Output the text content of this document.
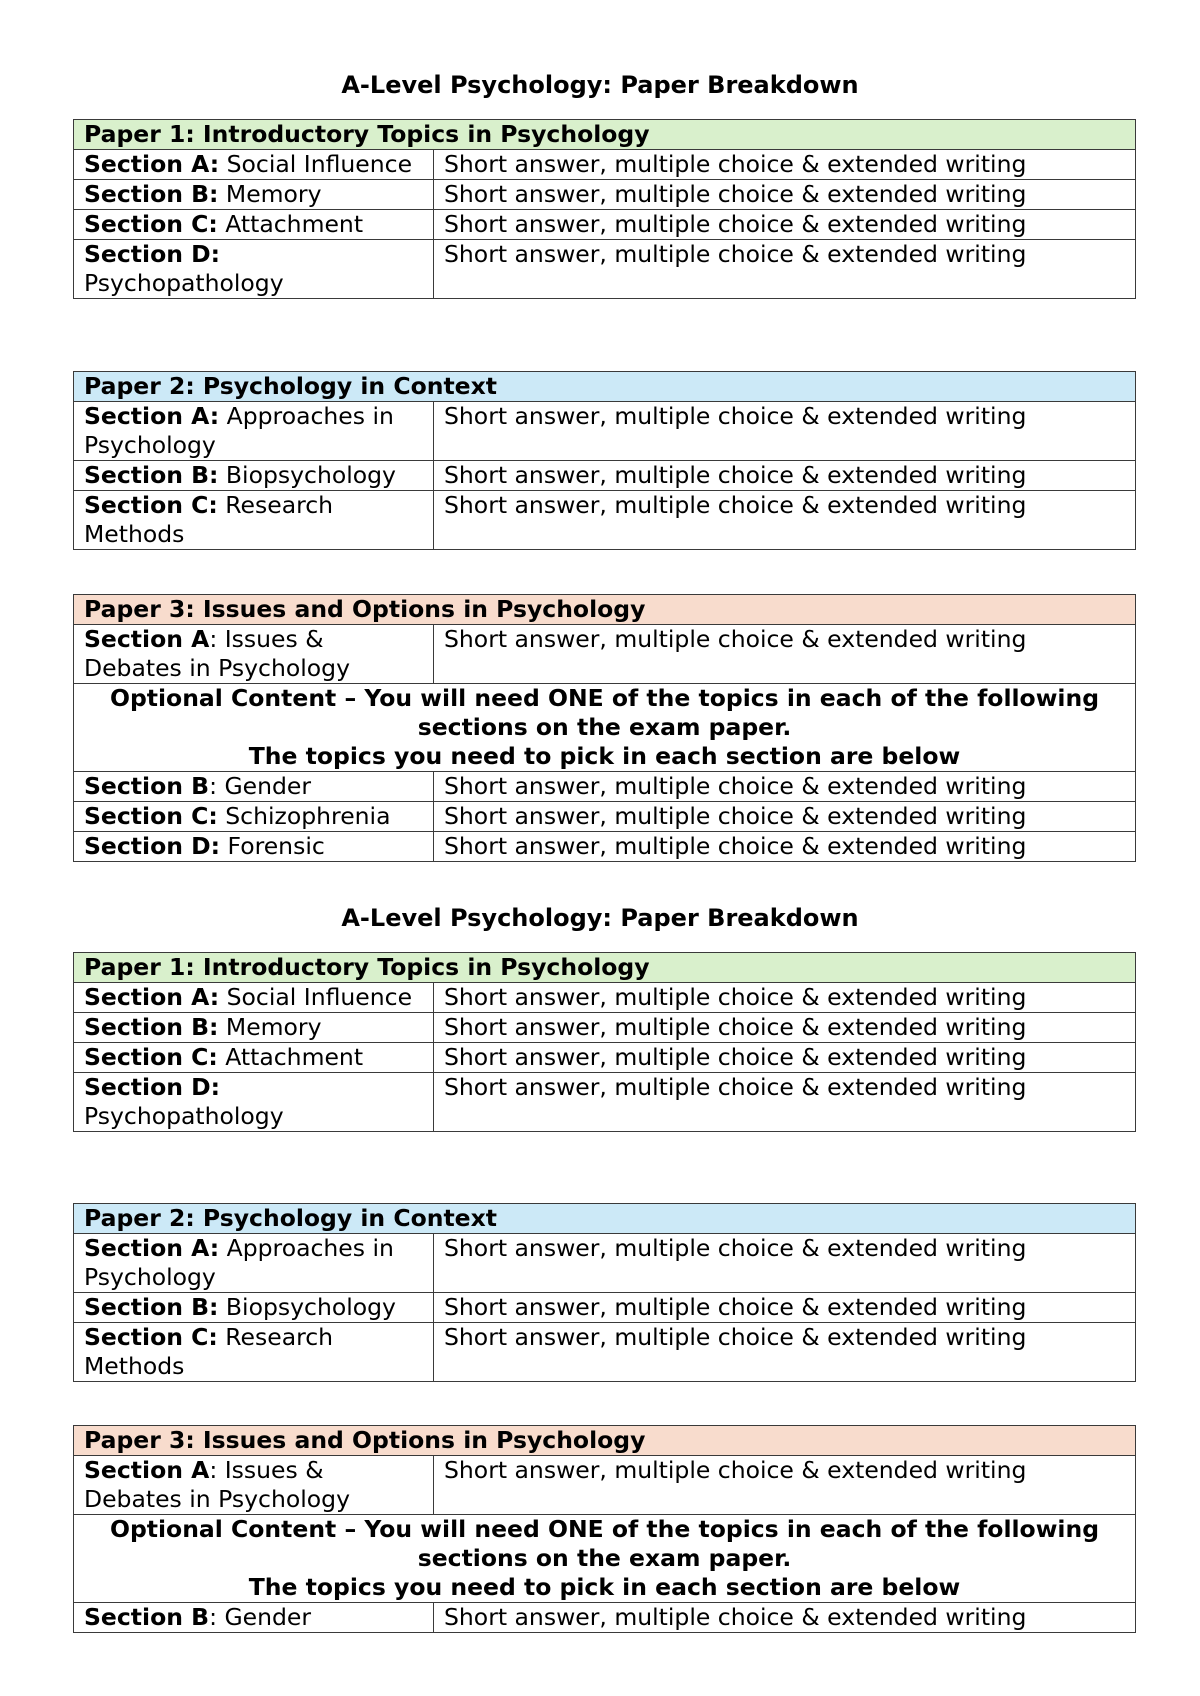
A-Level Psychology: Paper Breakdown
Paper 1: Introductory Topics in Psychology	
Section A: Social Influence	Short answer, multiple choice & extended writing
Section B: Memory	Short answer, multiple choice & extended writing
Section C: Attachment	Short answer, multiple choice & extended writing
Section D: Psychopathology	Short answer, multiple choice & extended writing
Paper 2: Psychology in Context	
Section A: Approaches in Psychology	Short answer, multiple choice & extended writing
Section B: Biopsychology	Short answer, multiple choice & extended writing
Section C: Research Methods	Short answer, multiple choice & extended writing
Paper 3: Issues and Options in Psychology	
Section A: Issues & Debates in Psychology	Short answer, multiple choice & extended writing

Optional Content – You will need ONE of the topics in each of the following sections on the exam paper.
The topics you need to pick in each section are below	

Section B: Gender	Short answer, multiple choice & extended writing
Section C: Schizophrenia	Short answer, multiple choice & extended writing
Section D: Forensic	Short answer, multiple choice & extended writing
A-Level Psychology: Paper Breakdown
Paper 1: Introductory Topics in Psychology	
Section A: Social Influence	Short answer, multiple choice & extended writing
Section B: Memory	Short answer, multiple choice & extended writing
Section C: Attachment	Short answer, multiple choice & extended writing
Section D: Psychopathology	Short answer, multiple choice & extended writing
Paper 2: Psychology in Context	
Section A: Approaches in Psychology	Short answer, multiple choice & extended writing
Section B: Biopsychology	Short answer, multiple choice & extended writing
Section C: Research Methods	Short answer, multiple choice & extended writing
Paper 3: Issues and Options in Psychology	
Section A: Issues & Debates in Psychology	Short answer, multiple choice & extended writing

Optional Content – You will need ONE of the topics in each of the following sections on the exam paper.
The topics you need to pick in each section are below	

Section B: Gender	Short answer, multiple choice & extended writing
